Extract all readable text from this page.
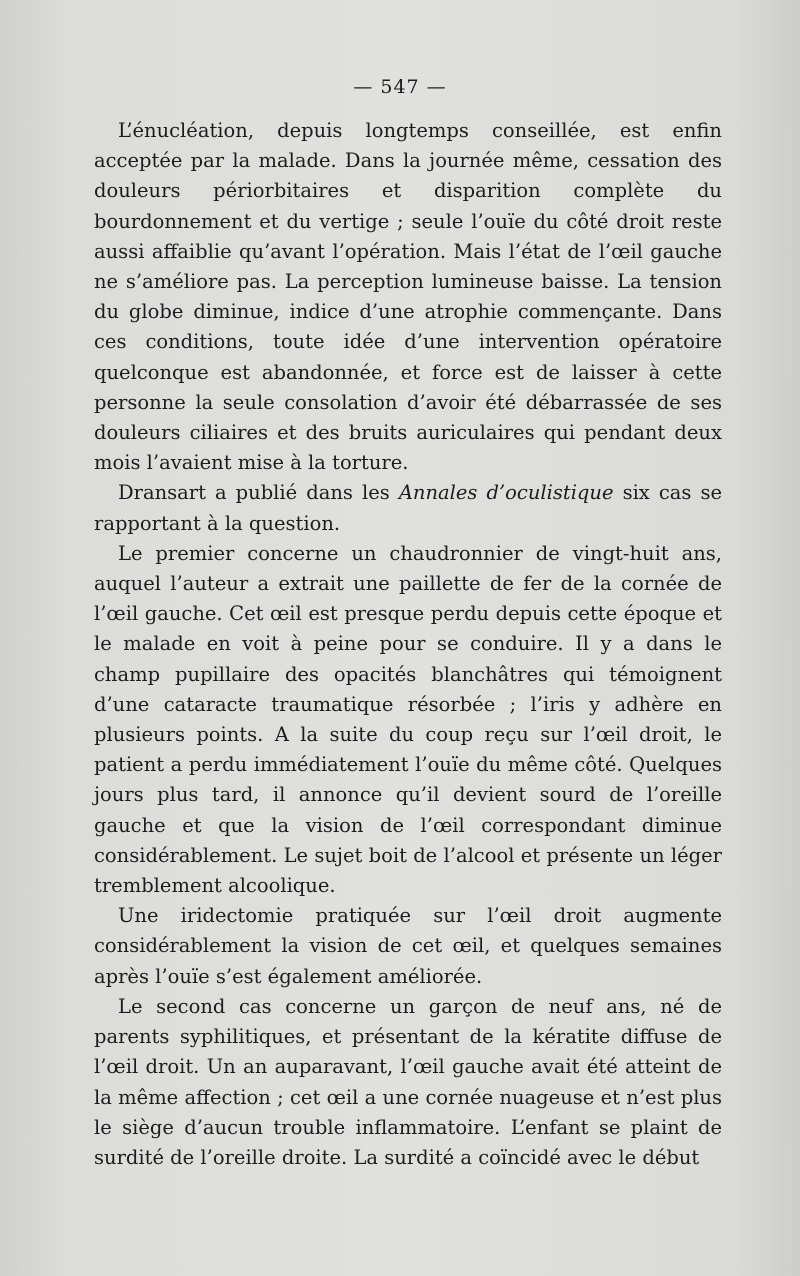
— 547 —

L’énucléation, depuis longtemps conseillée, est enfin acceptée par la malade. Dans la journée même, cessation des douleurs périorbitaires et disparition complète du bourdonnement et du vertige ; seule l’ouïe du côté droit reste aussi affaiblie qu’avant l’opération. Mais l’état de l’œil gauche ne s’améliore pas. La perception lumineuse baisse. La tension du globe diminue, indice d’une atrophie commençante. Dans ces conditions, toute idée d’une intervention opératoire quelconque est abandonnée, et force est de laisser à cette personne la seule consolation d’avoir été débarrassée de ses douleurs ciliaires et des bruits auriculaires qui pendant deux mois l’avaient mise à la torture.

Dransart a publié dans les Annales d’oculistique six cas se rapportant à la question.

Le premier concerne un chaudronnier de vingt-huit ans, auquel l’auteur a extrait une paillette de fer de la cornée de l’œil gauche. Cet œil est presque perdu depuis cette époque et le malade en voit à peine pour se conduire. Il y a dans le champ pupillaire des opacités blanchâtres qui témoignent d’une cataracte traumatique résorbée ; l’iris y adhère en plusieurs points. A la suite du coup reçu sur l’œil droit, le patient a perdu immédiatement l’ouïe du même côté. Quelques jours plus tard, il annonce qu’il devient sourd de l’oreille gauche et que la vision de l’œil correspondant diminue considérablement. Le sujet boit de l’alcool et présente un léger tremblement alcoolique.

Une iridectomie pratiquée sur l’œil droit augmente considérablement la vision de cet œil, et quelques semaines après l’ouïe s’est également améliorée.

Le second cas concerne un garçon de neuf ans, né de parents syphilitiques, et présentant de la kératite diffuse de l’œil droit. Un an auparavant, l’œil gauche avait été atteint de la même affection ; cet œil a une cornée nuageuse et n’est plus le siège d’aucun trouble inflammatoire. L’enfant se plaint de surdité de l’oreille droite. La surdité a coïncidé avec le début
